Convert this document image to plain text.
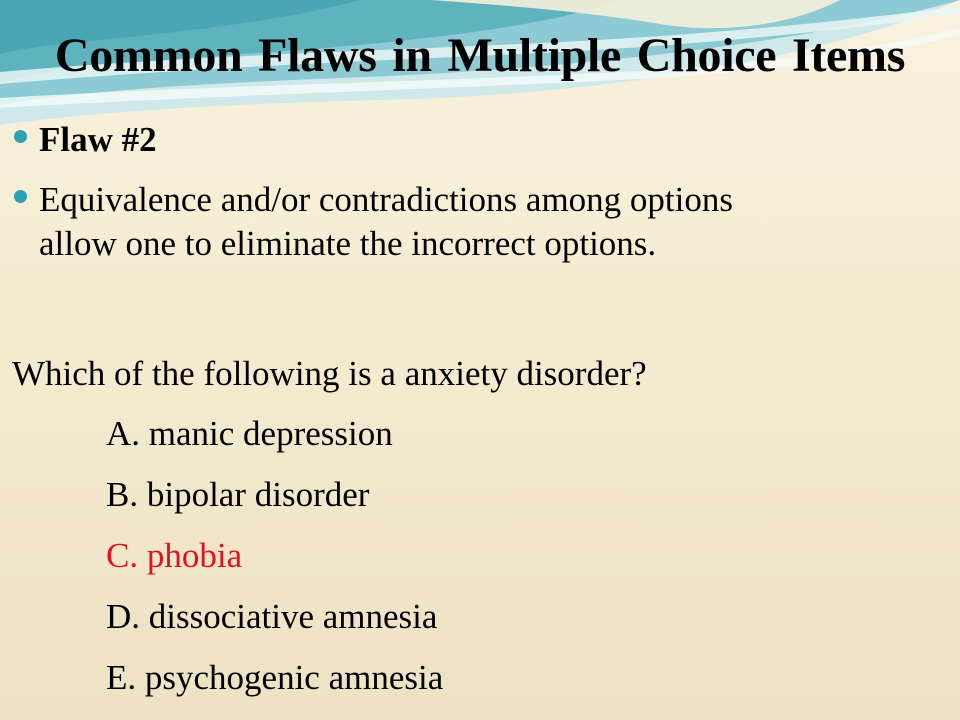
Common Flaws in Multiple Choice Items
Flaw #2
Equivalence and/or contradictions among options
allow one to eliminate the incorrect options.
Which of the following is a anxiety disorder?
A. manic depression
B. bipolar disorder
C. phobia
D. dissociative amnesia
E. psychogenic amnesia
